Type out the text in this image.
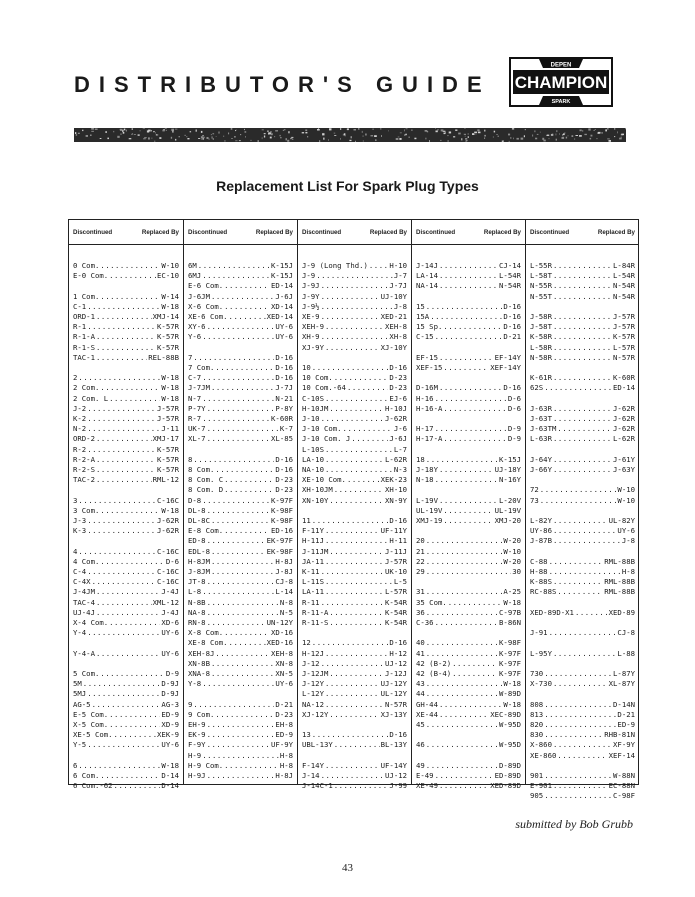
DISTRIBUTOR'S GUIDE
DEPEN
CHAMPION
SPARK
Replacement List For Spark Plug Types
Discontinued	Replaced By
0 Com. .....	W-10
E-0 Com. .....	EC-10
1 Com. .....	W-14
C-1 .....	W-18
ORD-1 .....	XMJ-14
R-1 .....	K-57R
R-1-A .....	K-57R
R-1-S .....	K-57R
TAC-1 .....	REL-88B
2 .....	W-18
2 Com. .....	W-18
2 Com. L .....	W-18
J-2 .....	J-57R
K-2 .....	J-57R
N-2 .....	J-11
ORD-2 .....	XMJ-17
R-2 .....	K-57R
R-2-A .....	K-57R
R-2-S .....	K-57R
TAC-2 .....	RML-12
3 .....	C-16C
3 Com. .....	W-18
J-3 .....	J-62R
K-3 .....	J-62R
4 .....	C-16C
4 Com. .....	D-6
C-4 .....	C-16C
C-4X .....	C-16C
J-4JM .....	J-4J
TAC-4 .....	XML-12
UJ-4J .....	J-4J
X-4 Com. .....	XD-6
Y-4 .....	UY-6
Y-4-A .....	UY-6
5 Com. .....	D-9
5M .....	D-9J
5MJ .....	D-9J
AG-5 .....	AG-3
E-5 Com. .....	ED-9
X-5 Com. .....	XD-9
XE-5 Com. .....	XEK-9
Y-5 .....	UY-6
6 .....	W-18
6 Com. .....	D-14
6 Com.-62 .....	D-14
Discontinued	Replaced By
6M .....	K-15J
6MJ .....	K-15J
E-6 Com. .....	ED-14
J-6JM .....	J-6J
X-6 Com. .....	XD-14
XE-6 Com. .....	XED-14
XY-6 .....	UY-6
Y-6 .....	UY-6
7 .....	D-16
7 Com. .....	D-16
C-7 .....	D-16
J-7JM .....	J-7J
N-7 .....	N-21
P-7Y .....	P-8Y
R-7 .....	K-60R
UK-7 .....	K-7
XL-7 .....	XL-85
8 .....	D-16
8 Com. .....	D-16
8 Com. C .....	D-23
8 Com. D .....	D-23
D-8 .....	K-97F
DL-8 .....	K-98F
DL-8C .....	K-98F
E-8 Com. .....	ED-16
ED-8 .....	EK-97F
EDL-8 .....	EK-98F
H-8JM .....	H-8J
J-8JM .....	J-8J
JT-8 .....	CJ-8
L-8 .....	L-14
N-8B .....	N-8
NA-8 .....	N-5
RN-8 .....	UN-12Y
X-8 Com. .....	XD-16
XE-8 Com. .....	XED-16
XEH-8J .....	XEH-8
XN-8B .....	XN-8
XNA-8 .....	XN-5
Y-8 .....	UY-6
9 .....	D-21
9 Com. .....	D-23
EH-9 .....	EH-8
EK-9 .....	ED-9
F-9Y .....	UF-9Y
H-9 .....	H-8
H-9 Com. .....	H-8
H-9J .....	H-8J
Discontinued	Replaced By
J-9 (Long Thd.) .....	H-10
J-9 .....	J-7
J-9J .....	J-7J
J-9Y .....	UJ-10Y
J-9½ .....	J-8
XE-9 .....	XED-21
XEH-9 .....	XEH-8
XH-9 .....	XH-8
XJ-9Y .....	XJ-10Y
10 .....	D-16
10 Com. .....	D-23
10 Com.-64 .....	D-23
C-10S .....	EJ-6
H-10JM .....	H-10J
J-10 .....	J-62R
J-10 Com. .....	J-6
J-10 Com. J .....	J-6J
L-10S .....	L-7
LA-10 .....	L-62R
NA-10 .....	N-3
XE-10 Com. .....	XEK-23
XH-10JM .....	XH-10
XN-10Y .....	XN-9Y
11 .....	D-16
F-11Y .....	UF-11Y
H-11J .....	H-11
J-11JM .....	J-11J
JA-11 .....	J-57R
K-11 .....	UK-10
L-11S .....	L-5
LA-11 .....	L-57R
R-11 .....	K-54R
R-11-A .....	K-54R
R-11-S .....	K-54R
12 .....	D-16
H-12J .....	H-12
J-12 .....	UJ-12
J-12JM .....	J-12J
J-12Y .....	UJ-12Y
L-12Y .....	UL-12Y
NA-12 .....	N-57R
XJ-12Y .....	XJ-13Y
13 .....	D-16
UBL-13Y .....	BL-13Y
F-14Y .....	UF-14Y
J-14 .....	UJ-12
J-14C-1 .....	J-99
Discontinued	Replaced By
J-14J .....	CJ-14
LA-14 .....	L-54R
NA-14 .....	N-54R
15 .....	D-16
15A .....	D-16
15 Sp. .....	D-16
C-15 .....	D-21
EF-15 .....	EF-14Y
XEF-15 .....	XEF-14Y
D-16M .....	D-16
H-16 .....	D-6
H-16-A .....	D-6
H-17 .....	D-9
H-17-A .....	D-9
18 .....	K-15J
J-18Y .....	UJ-18Y
N-18 .....	N-16Y
L-19V .....	L-20V
UL-19V .....	UL-19V
XMJ-19 .....	XMJ-20
20 .....	W-20
21 .....	W-10
22 .....	W-20
29 .....	30
31 .....	A-25
35 Com. .....	W-18
36 .....	C-97B
C-36 .....	B-86N
40 .....	K-98F
41 .....	K-97F
42 (B-2) .....	K-97F
42 (B-4) .....	K-97F
43 .....	W-18
44 .....	W-89D
GH-44 .....	W-18
XE-44 .....	XEC-89D
45 .....	W-95D
46 .....	W-95D
49 .....	D-89D
E-49 .....	ED-89D
XE-49 .....	XED-89D
Discontinued	Replaced By
L-55R .....	L-84R
L-58T .....	L-54R
N-55R .....	N-54R
N-55T .....	N-54R
J-58R .....	J-57R
J-58T .....	J-57R
K-58R .....	K-57R
L-58R .....	L-57R
N-58R .....	N-57R
K-61R .....	K-60R
62S .....	ED-14
J-63R .....	J-62R
J-63T .....	J-62R
J-63TM .....	J-62R
L-63R .....	L-62R
J-64Y .....	J-61Y
J-66Y .....	J-63Y
72 .....	W-10
73 .....	W-10
L-82Y .....	UL-82Y
UY-86 .....	UY-6
J-87B .....	J-8
C-88 .....	RML-88B
H-88 .....	H-8
K-88S .....	RML-88B
RC-88S .....	RML-88B
XED-89D-X1 .....	XED-89
J-91 .....	CJ-8
L-95Y .....	L-88
730 .....	L-87Y
X-730 .....	XL-87Y
808 .....	D-14N
813 .....	D-21
820 .....	ED-9
830 .....	RHB-81N
X-860 .....	XF-9Y
XE-860 .....	XEF-14
901 .....	W-88N
E-901 .....	EC-88N
905 .....	C-98F
submitted by Bob Grubb
43
